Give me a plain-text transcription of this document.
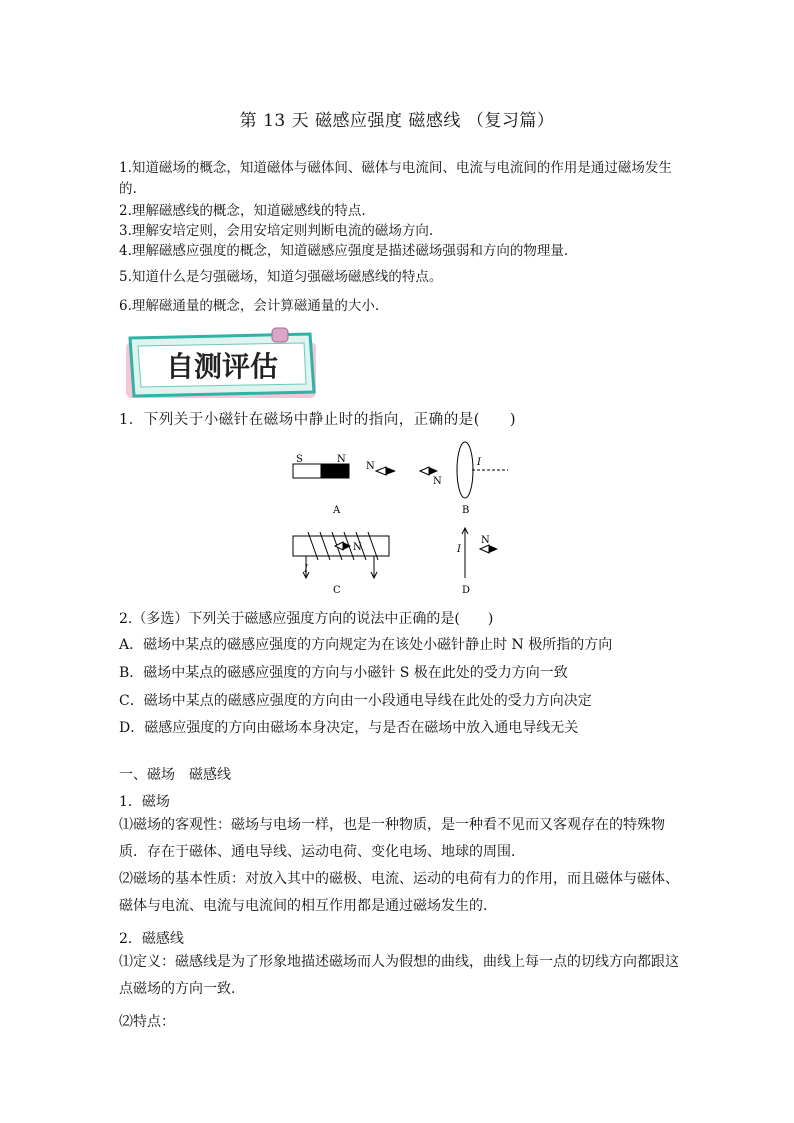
第 13 天 磁感应强度 磁感线 （复习篇）
1.知道磁场的概念，知道磁体与磁体间、磁体与电流间、电流与电流间的作用是通过磁场发生的.
2.理解磁感线的概念，知道磁感线的特点.
3.理解安培定则，会用安培定则判断电流的磁场方向.
4.理解磁感应强度的概念，知道磁感应强度是描述磁场强弱和方向的物理量.
5.知道什么是匀强磁场，知道匀强磁场磁感线的特点。
6.理解磁通量的概念，会计算磁通量的大小.
自测评估
1．下列关于小磁针在磁场中静止时的指向，正确的是(　　)
S	N
N
A
N
I
B
N
I
C
I
N
D
2.（多选）下列关于磁感应强度方向的说法中正确的是(　　)
A．磁场中某点的磁感应强度的方向规定为在该处小磁针静止时 N 极所指的方向
B．磁场中某点的磁感应强度的方向与小磁针 S 极在此处的受力方向一致
C．磁场中某点的磁感应强度的方向由一小段通电导线在此处的受力方向决定
D．磁感应强度的方向由磁场本身决定，与是否在磁场中放入通电导线无关
一、磁场　磁感线
1．磁场
⑴磁场的客观性：磁场与电场一样，也是一种物质，是一种看不见而又客观存在的特殊物质．存在于磁体、通电导线、运动电荷、变化电场、地球的周围．
⑵磁场的基本性质：对放入其中的磁极、电流、运动的电荷有力的作用，而且磁体与磁体、磁体与电流、电流与电流间的相互作用都是通过磁场发生的．
2．磁感线
⑴定义：磁感线是为了形象地描述磁场而人为假想的曲线，曲线上每一点的切线方向都跟这点磁场的方向一致．
⑵特点：
